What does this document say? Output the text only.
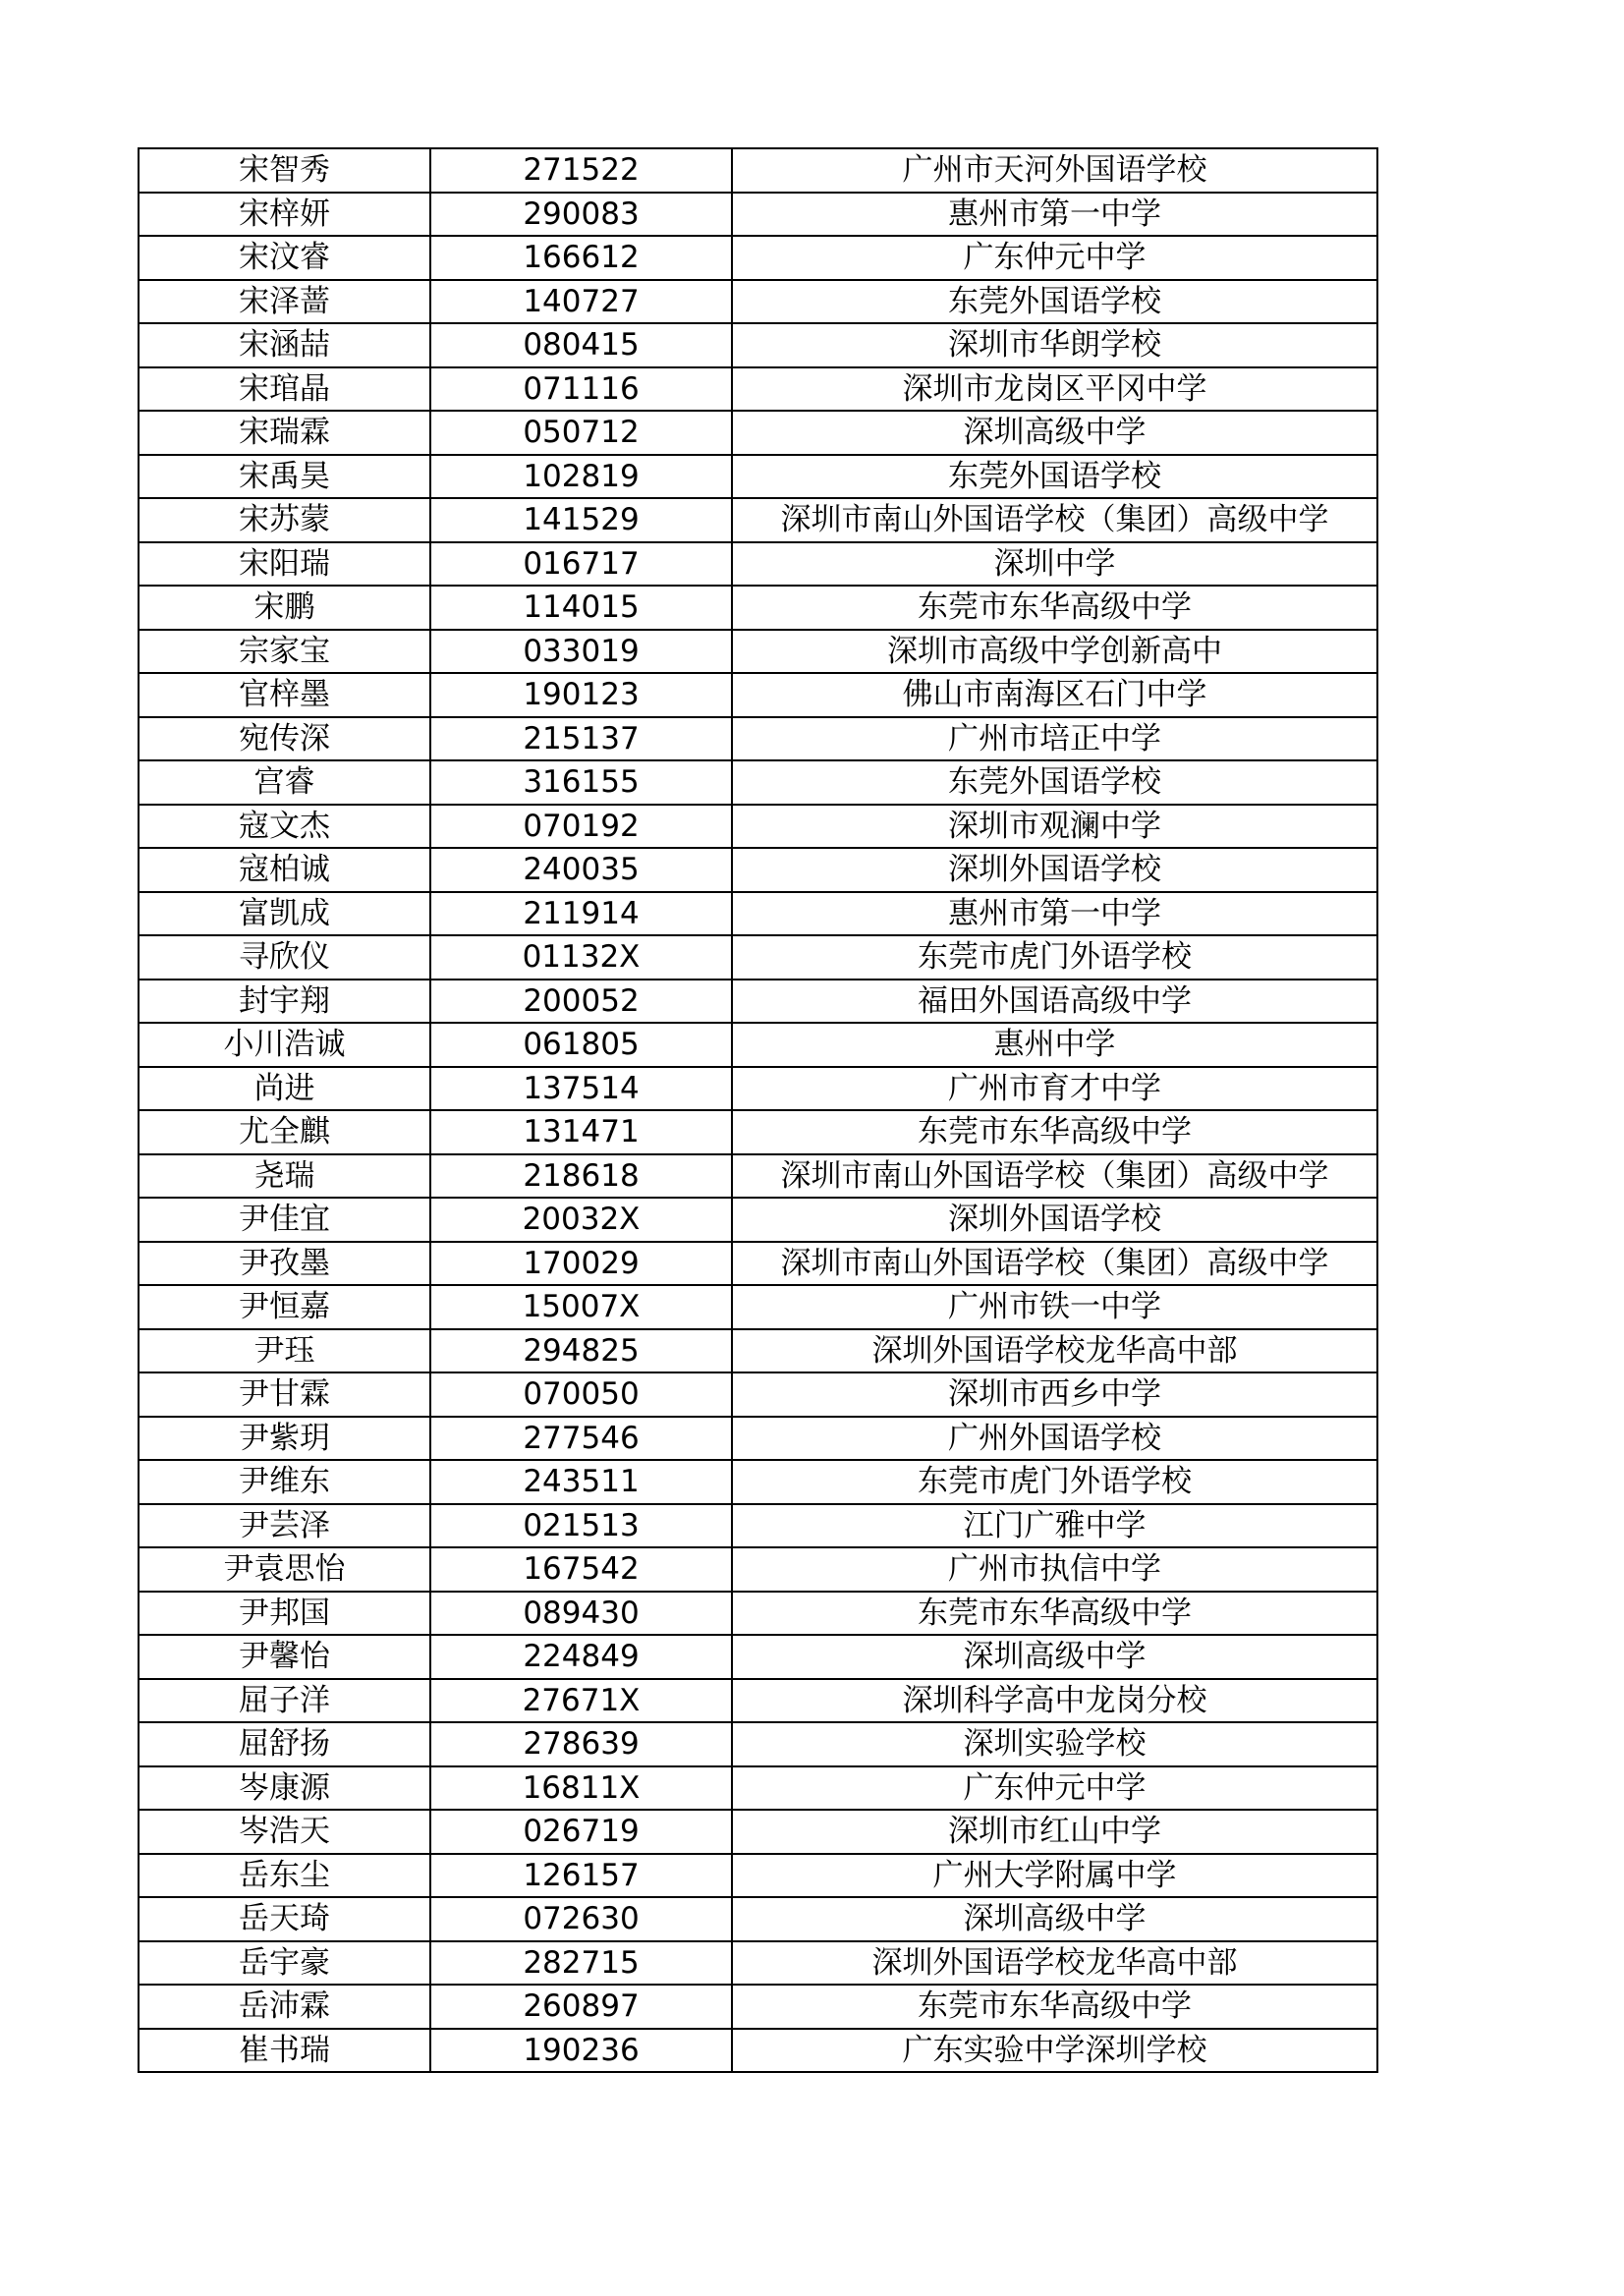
宋智秀	271522	广州市天河外国语学校
宋梓妍	290083	惠州市第一中学
宋汶睿	166612	广东仲元中学
宋泽蔷	140727	东莞外国语学校
宋涵喆	080415	深圳市华朗学校
宋琯晶	071116	深圳市龙岗区平冈中学
宋瑞霖	050712	深圳高级中学
宋禹昊	102819	东莞外国语学校
宋苏蒙	141529	深圳市南山外国语学校（集团）高级中学
宋阳瑞	016717	深圳中学
宋鹏	114015	东莞市东华高级中学
宗家宝	033019	深圳市高级中学创新高中
官梓墨	190123	佛山市南海区石门中学
宛传深	215137	广州市培正中学
宫睿	316155	东莞外国语学校
寇文杰	070192	深圳市观澜中学
寇柏诚	240035	深圳外国语学校
富凯成	211914	惠州市第一中学
寻欣仪	01132X	东莞市虎门外语学校
封宇翔	200052	福田外国语高级中学
小川浩诚	061805	惠州中学
尚进	137514	广州市育才中学
尤全麒	131471	东莞市东华高级中学
尧瑞	218618	深圳市南山外国语学校（集团）高级中学
尹佳宜	20032X	深圳外国语学校
尹孜墨	170029	深圳市南山外国语学校（集团）高级中学
尹恒嘉	15007X	广州市铁一中学
尹珏	294825	深圳外国语学校龙华高中部
尹甘霖	070050	深圳市西乡中学
尹紫玥	277546	广州外国语学校
尹维东	243511	东莞市虎门外语学校
尹芸泽	021513	江门广雅中学
尹袁思怡	167542	广州市执信中学
尹邦国	089430	东莞市东华高级中学
尹馨怡	224849	深圳高级中学
屈子洋	27671X	深圳科学高中龙岗分校
屈舒扬	278639	深圳实验学校
岑康源	16811X	广东仲元中学
岑浩天	026719	深圳市红山中学
岳东尘	126157	广州大学附属中学
岳天琦	072630	深圳高级中学
岳宇豪	282715	深圳外国语学校龙华高中部
岳沛霖	260897	东莞市东华高级中学
崔书瑞	190236	广东实验中学深圳学校
